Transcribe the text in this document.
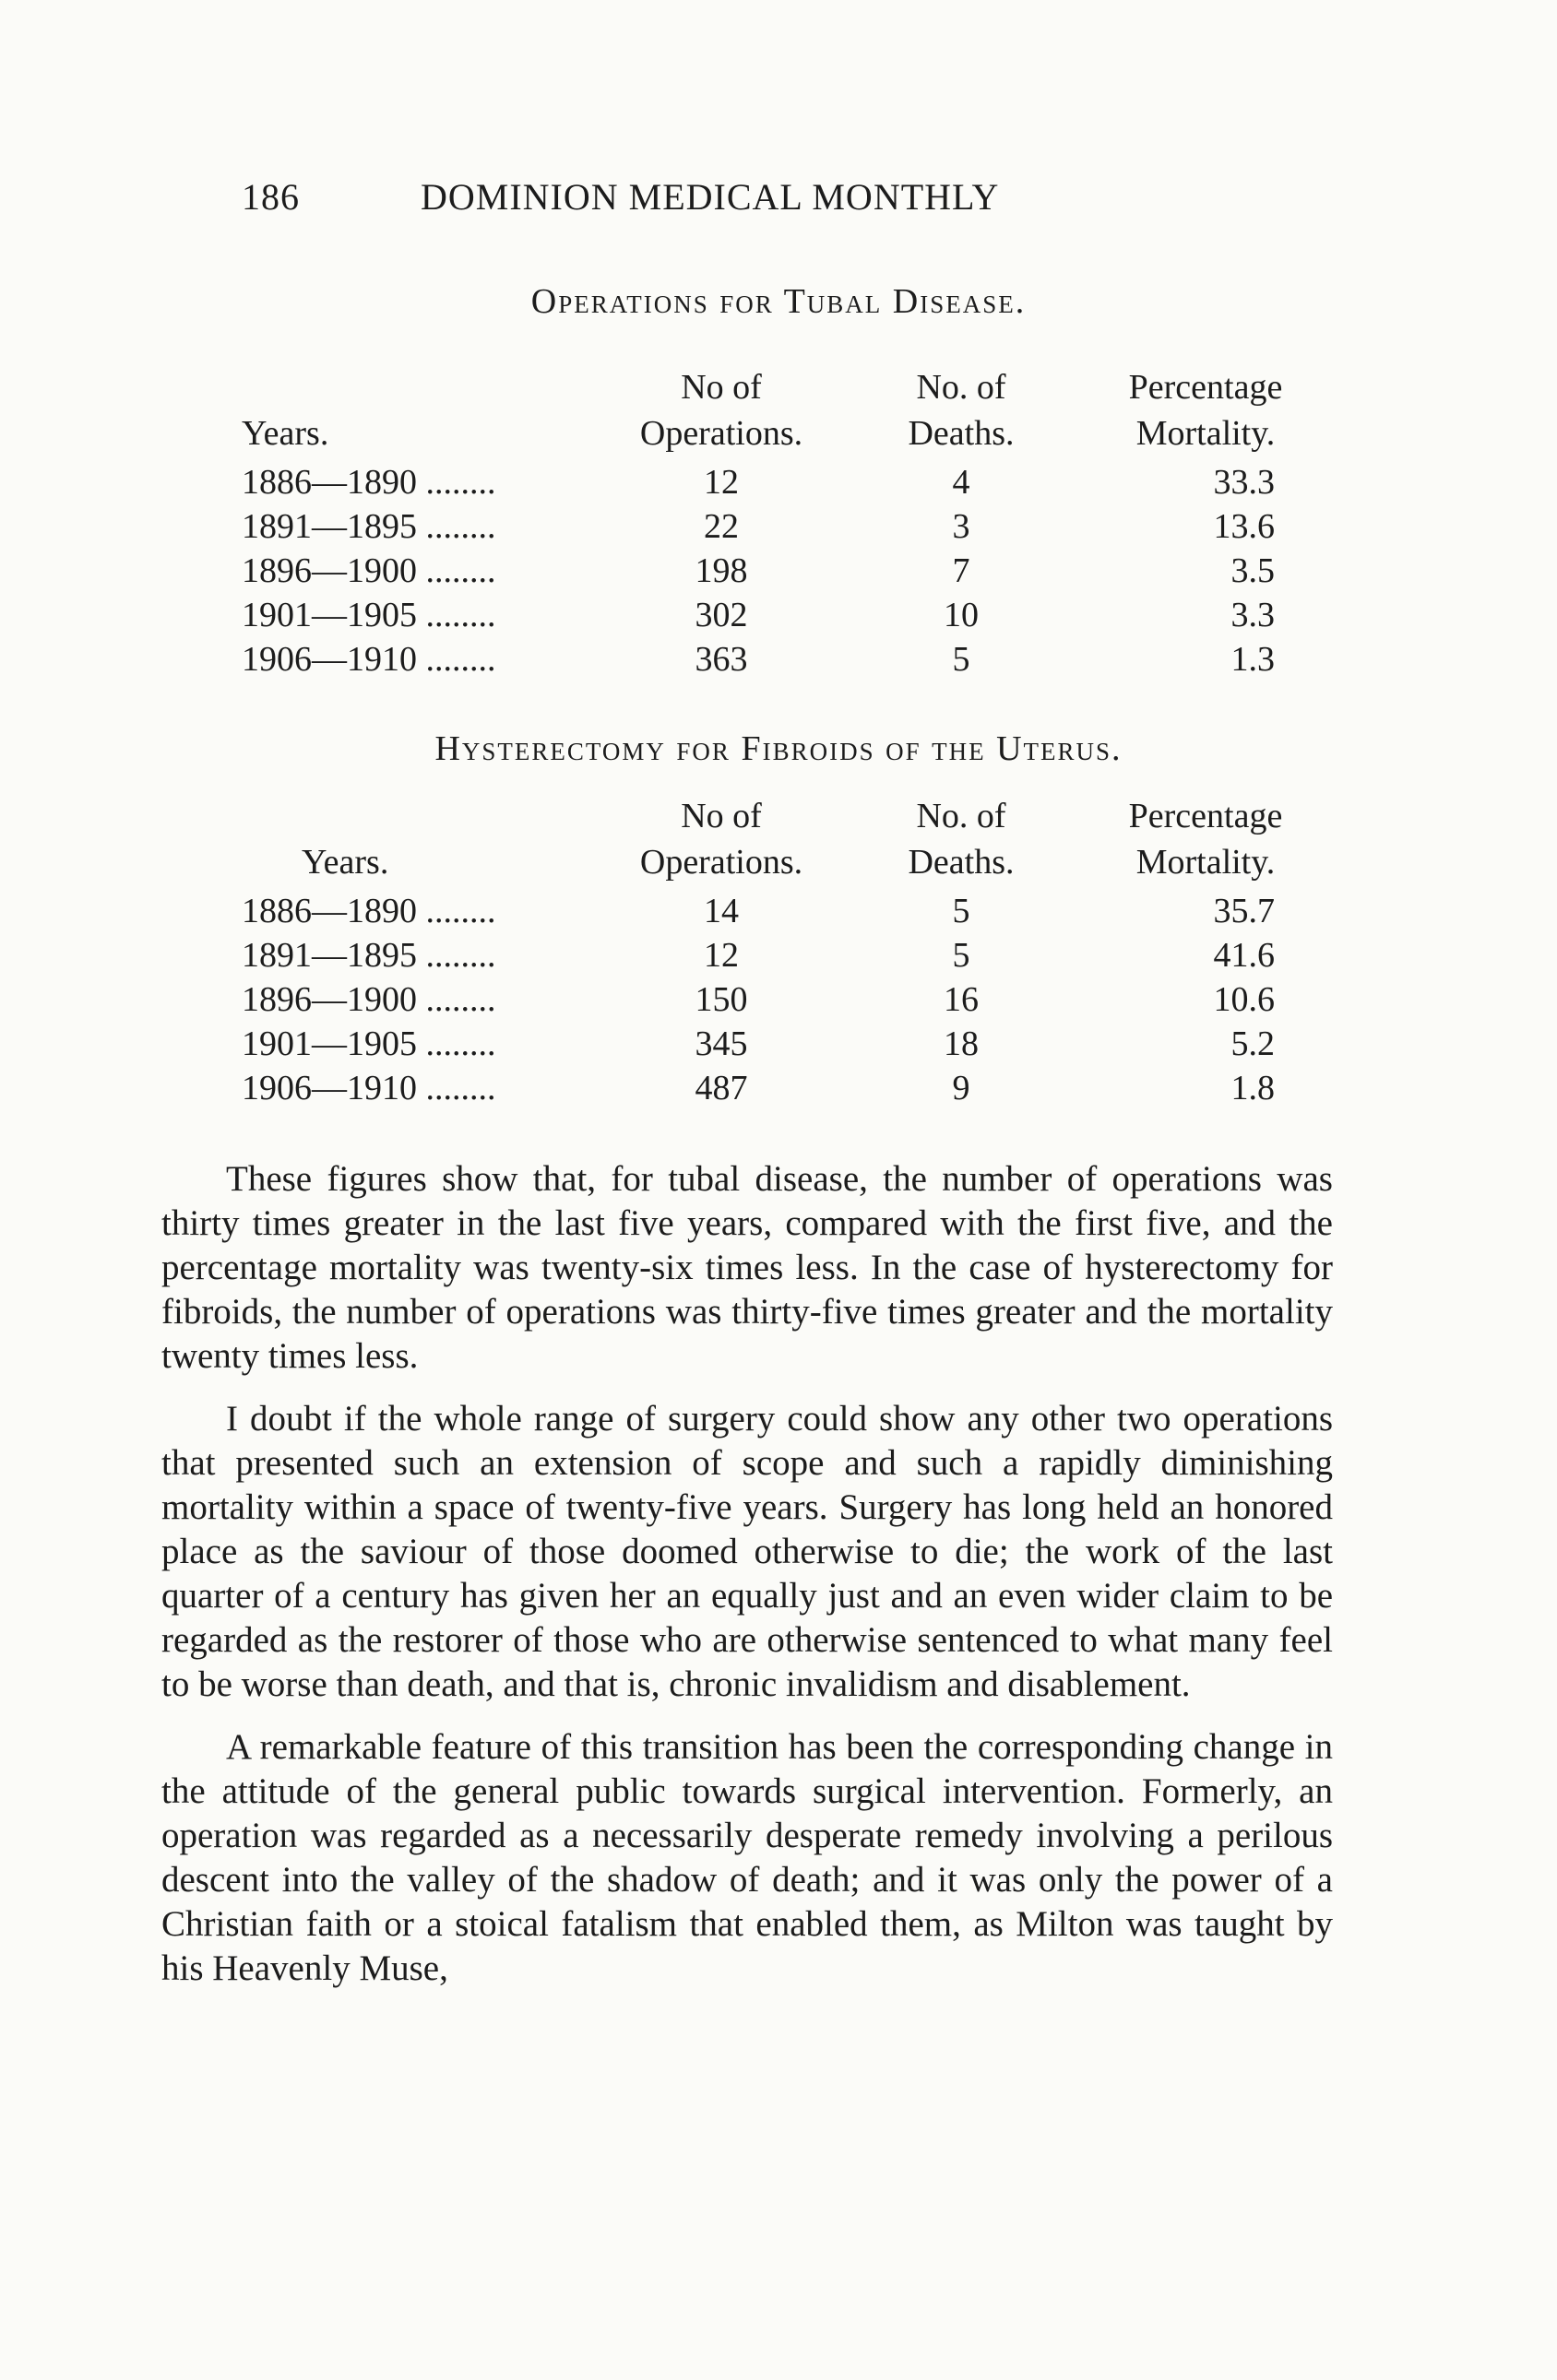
186	DOMINION MEDICAL MONTHLY
Operations for Tubal Disease.
Years.
No of
Operations.
No. of
Deaths.
Percentage
Mortality.
1886—1890 ........	12	4	33.3
1891—1895 ........	22	3	13.6
1896—1900 ........	198	7	3.5
1901—1905 ........	302	10	3.3
1906—1910 ........	363	5	1.3
Hysterectomy for Fibroids of the Uterus.
Years.
No of
Operations.
No. of
Deaths.
Percentage
Mortality.
1886—1890 ........	14	5	35.7
1891—1895 ........	12	5	41.6
1896—1900 ........	150	16	10.6
1901—1905 ........	345	18	5.2
1906—1910 ........	487	9	1.8

These figures show that, for tubal disease, the number of operations was thirty times greater in the last five years, compared with the first five, and the percentage mortality was twenty-six times less. In the case of hysterectomy for fibroids, the number of operations was thirty-five times greater and the mortality twenty times less.

I doubt if the whole range of surgery could show any other two operations that presented such an extension of scope and such a rapidly diminishing mortality within a space of twenty-five years. Surgery has long held an honored place as the saviour of those doomed otherwise to die; the work of the last quarter of a century has given her an equally just and an even wider claim to be regarded as the restorer of those who are otherwise sentenced to what many feel to be worse than death, and that is, chronic invalidism and disablement.

A remarkable feature of this transition has been the corresponding change in the attitude of the general public towards surgical intervention. Formerly, an operation was regarded as a necessarily desperate remedy involving a perilous descent into the valley of the shadow of death; and it was only the power of a Christian faith or a stoical fatalism that enabled them, as Milton was taught by his Heavenly Muse,
